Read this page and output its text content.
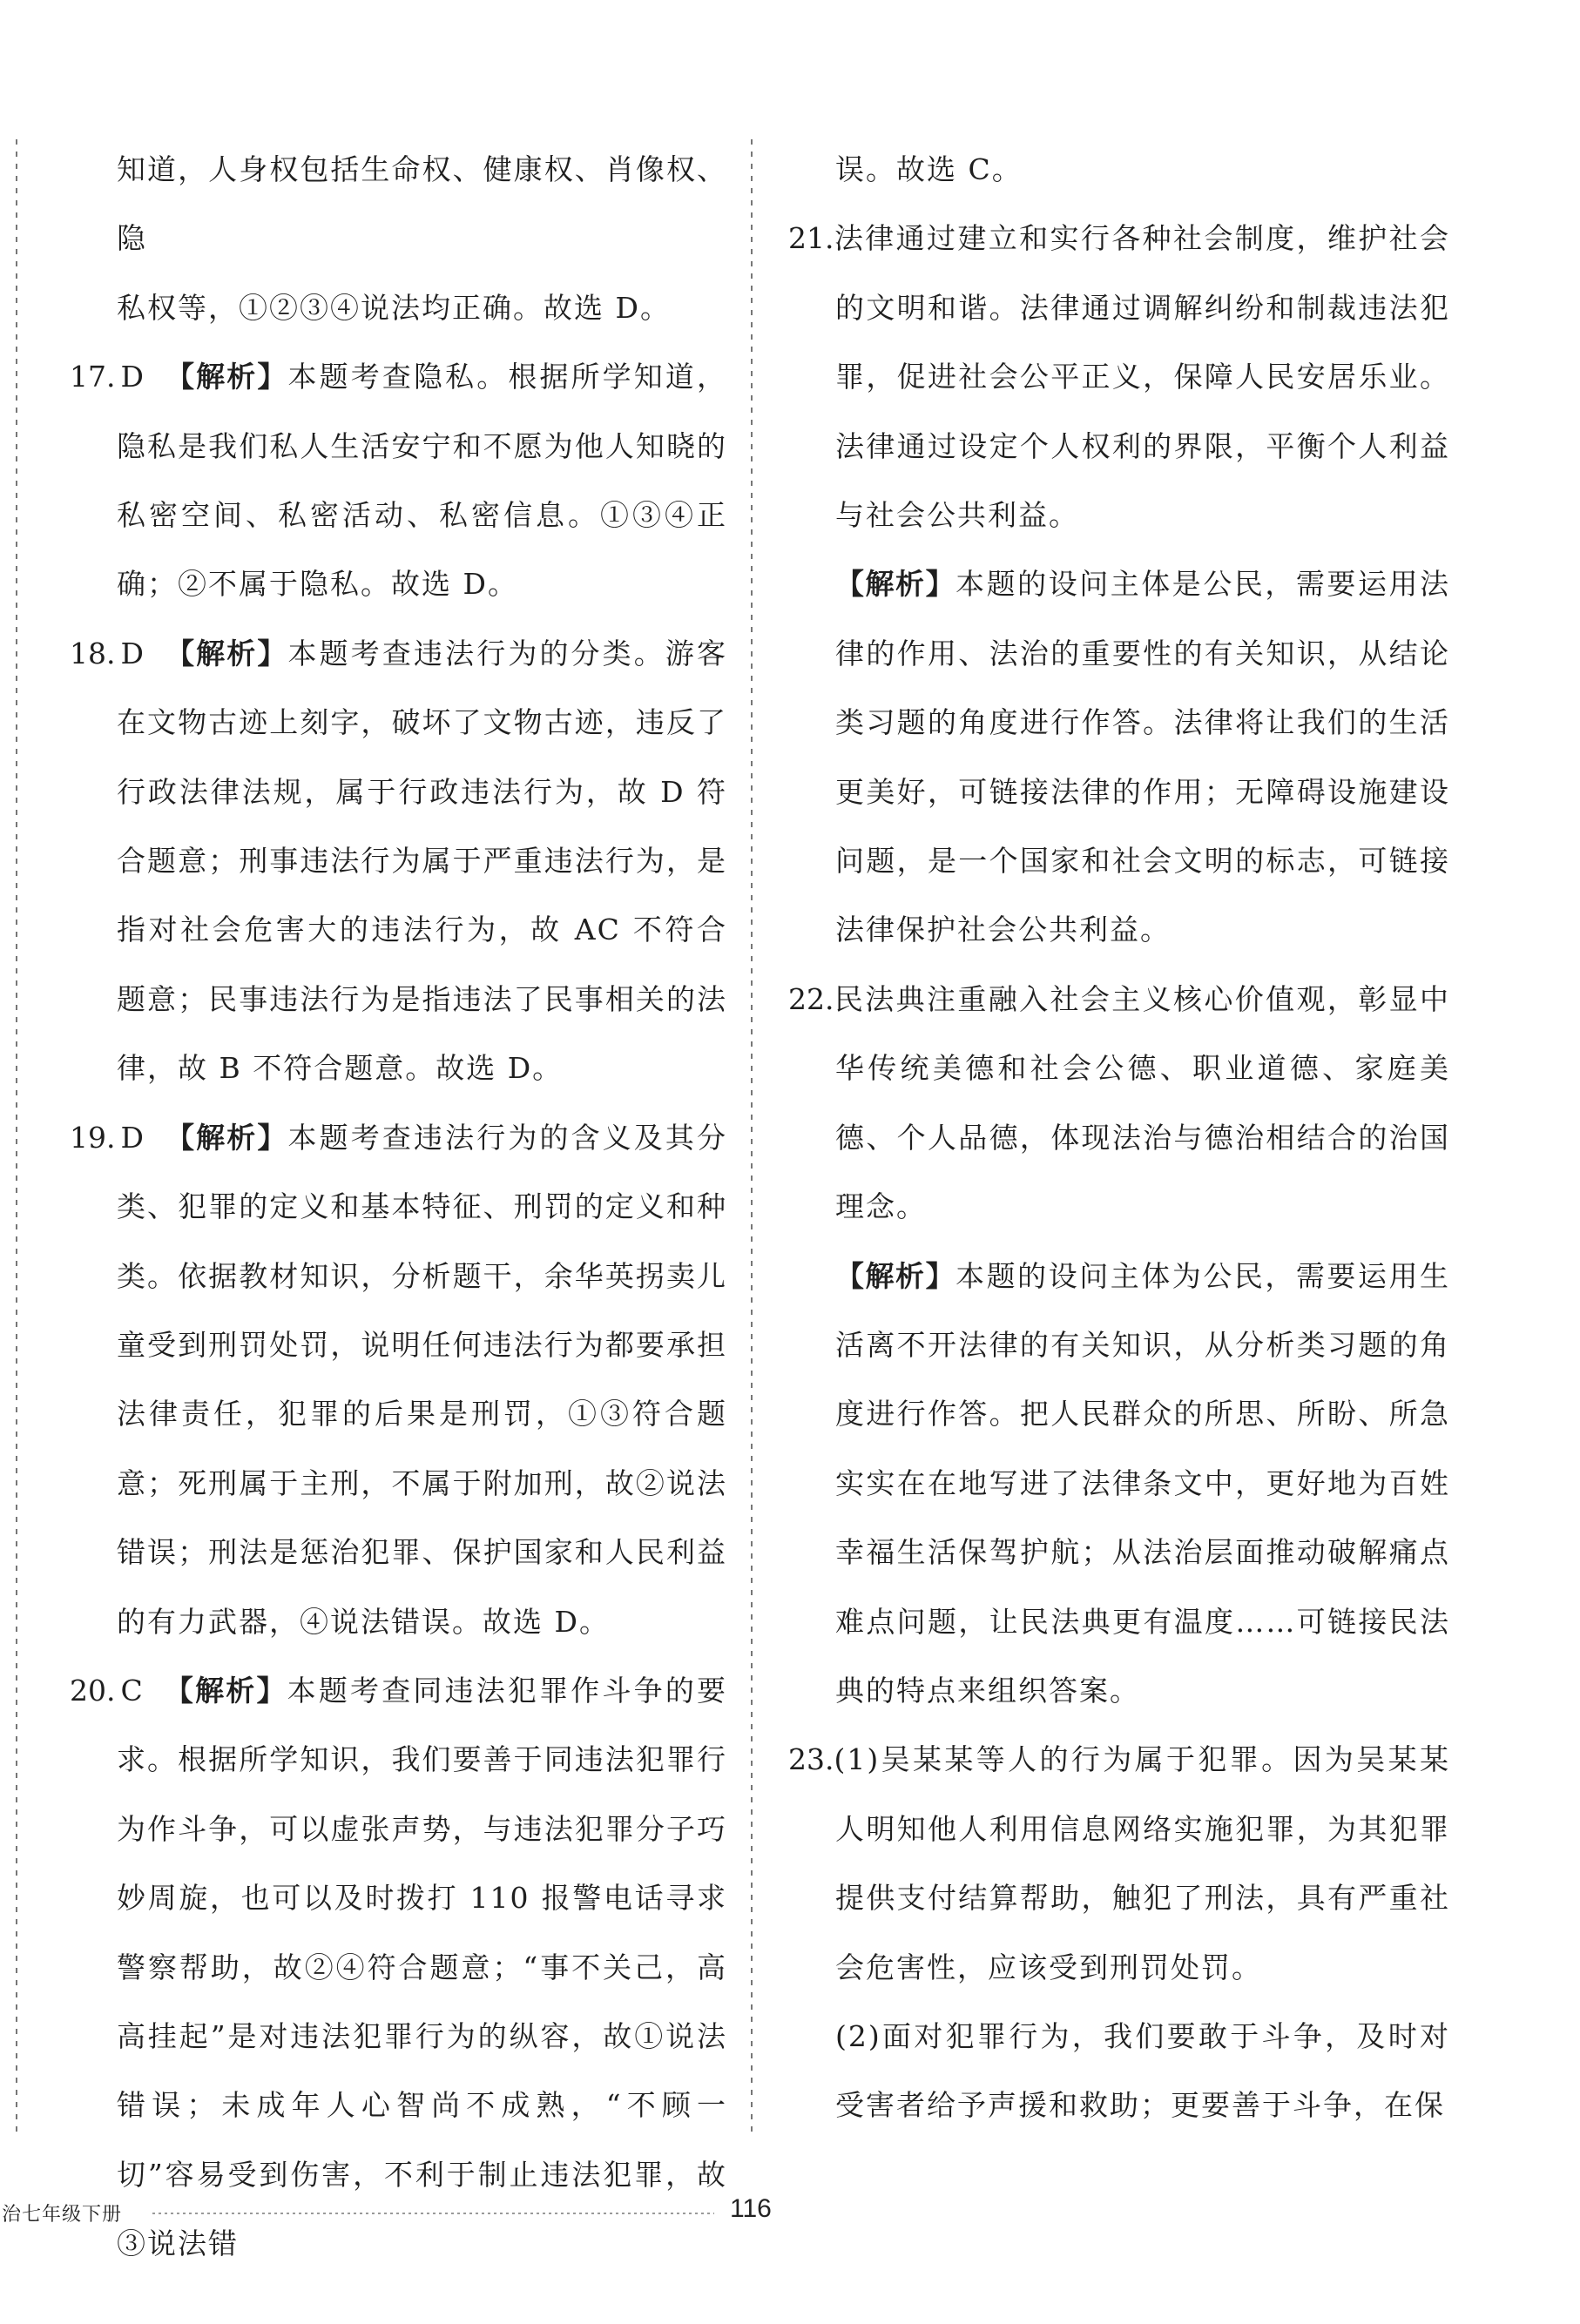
知道，人身权包括生命权、健康权、肖像权、隐

私权等，①②③④说法均正确。故选 D。

17. D 【解析】本题考查隐私。根据所学知道，隐私是我们私人生活安宁和不愿为他人知晓的私密空间、私密活动、私密信息。①③④正确；②不属于隐私。故选 D。

18. D 【解析】本题考查违法行为的分类。游客在文物古迹上刻字，破坏了文物古迹，违反了行政法律法规，属于行政违法行为，故 D 符合题意；刑事违法行为属于严重违法行为，是指对社会危害大的违法行为，故 AC 不符合题意；民事违法行为是指违法了民事相关的法律，故 B 不符合题意。故选 D。

19. D 【解析】本题考查违法行为的含义及其分类、犯罪的定义和基本特征、刑罚的定义和种类。依据教材知识，分析题干，余华英拐卖儿童受到刑罚处罚，说明任何违法行为都要承担法律责任，犯罪的后果是刑罚，①③符合题意；死刑属于主刑，不属于附加刑，故②说法错误；刑法是惩治犯罪、保护国家和人民利益的有力武器，④说法错误。故选 D。

20. C 【解析】本题考查同违法犯罪作斗争的要求。根据所学知识，我们要善于同违法犯罪行为作斗争，可以虚张声势，与违法犯罪分子巧妙周旋，也可以及时拨打 110 报警电话寻求警察帮助，故②④符合题意；“事不关己，高高挂起”是对违法犯罪行为的纵容，故①说法错误；未成年人心智尚不成熟，“不顾一切”容易受到伤害，不利于制止违法犯罪，故③说法错

误。故选 C。

21.法律通过建立和实行各种社会制度，维护社会的文明和谐。法律通过调解纠纷和制裁违法犯罪，促进社会公平正义，保障人民安居乐业。法律通过设定个人权利的界限，平衡个人利益与社会公共利益。

【解析】本题的设问主体是公民，需要运用法律的作用、法治的重要性的有关知识，从结论类习题的角度进行作答。法律将让我们的生活更美好，可链接法律的作用；无障碍设施建设问题，是一个国家和社会文明的标志，可链接法律保护社会公共利益。

22.民法典注重融入社会主义核心价值观，彰显中华传统美德和社会公德、职业道德、家庭美德、个人品德，体现法治与德治相结合的治国理念。

【解析】本题的设问主体为公民，需要运用生活离不开法律的有关知识，从分析类习题的角度进行作答。把人民群众的所思、所盼、所急实实在在地写进了法律条文中，更好地为百姓幸福生活保驾护航；从法治层面推动破解痛点难点问题，让民法典更有温度……可链接民法典的特点来组织答案。

23.(1)吴某某等人的行为属于犯罪。因为吴某某人明知他人利用信息网络实施犯罪，为其犯罪提供支付结算帮助，触犯了刑法，具有严重社会危害性，应该受到刑罚处罚。

(2)面对犯罪行为，我们要敢于斗争，及时对受害者给予声援和救助；更要善于斗争，在保

治七年级下册	116
